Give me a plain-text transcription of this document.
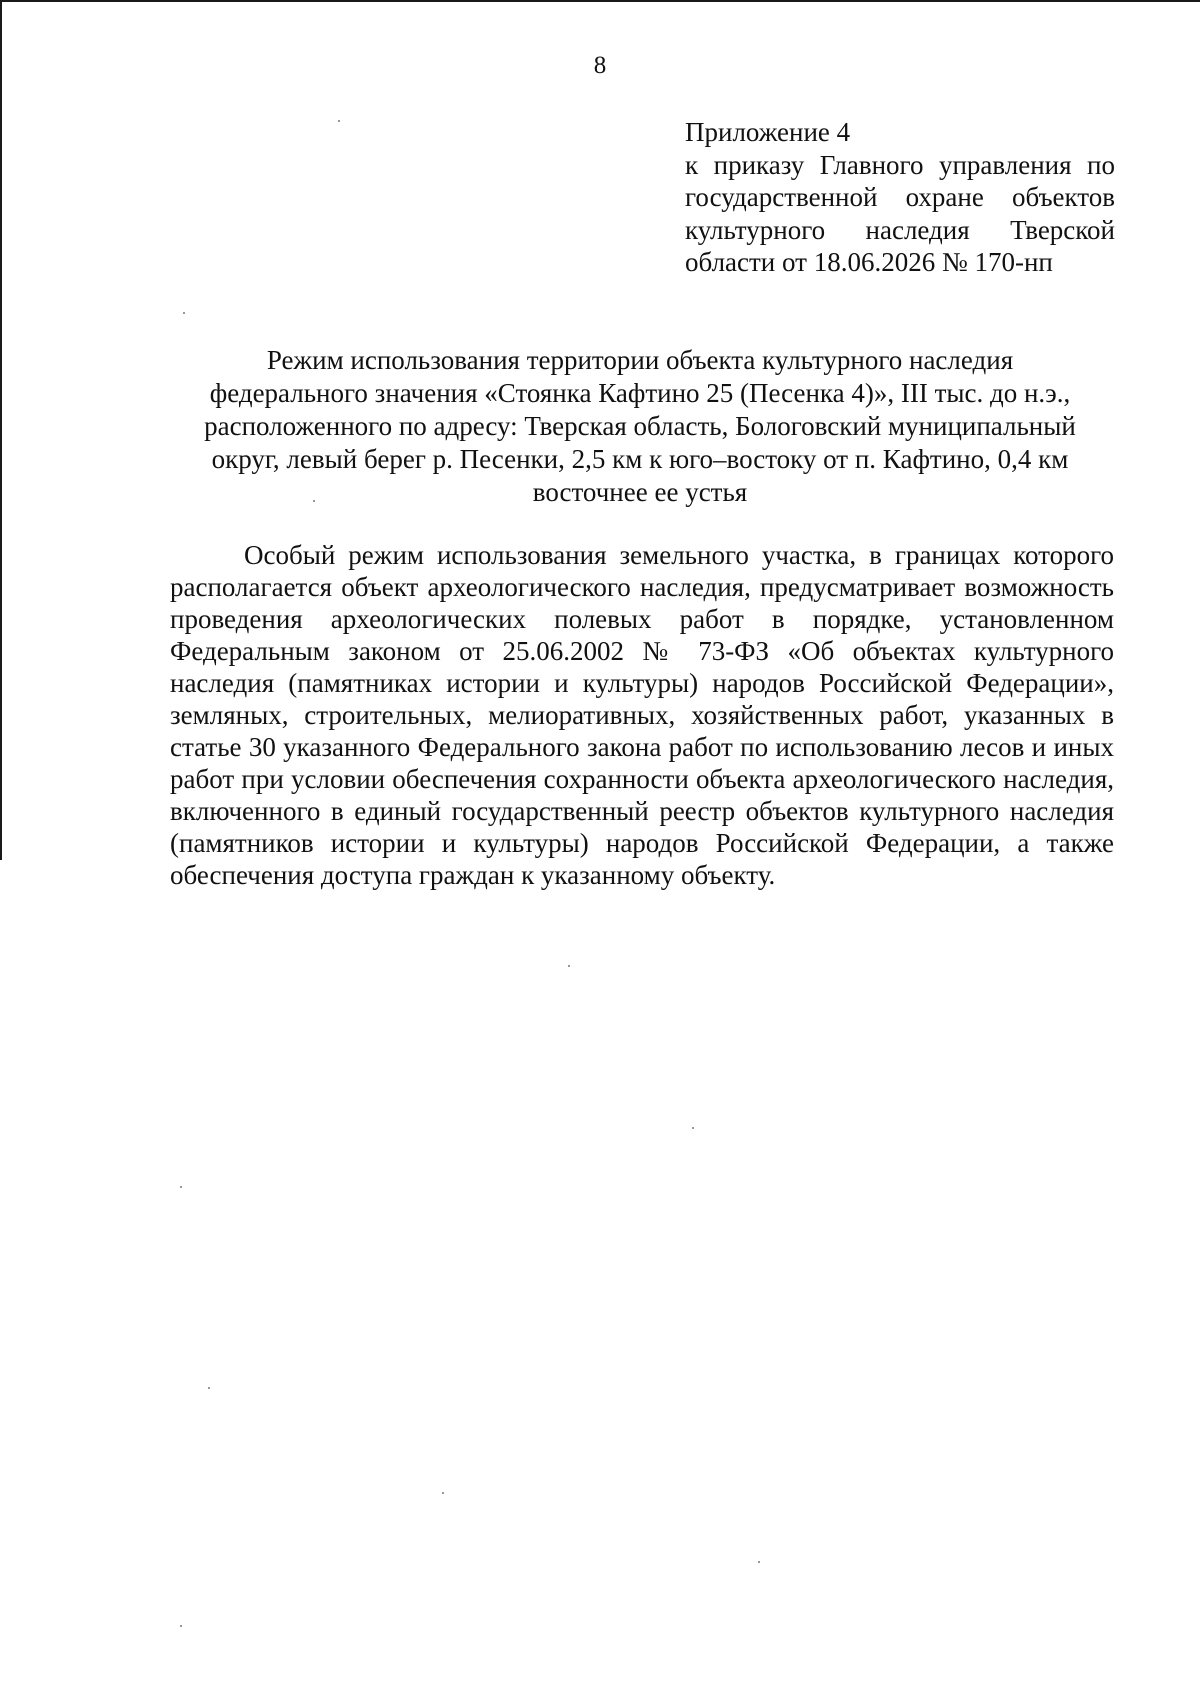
8
Приложение 4
к приказу Главного управления по государственной охране объектов культурного наследия Тверской области от 18.06.2026 № 170-нп
Режим использования территории объекта культурного наследия
федерального значения «Стоянка Кафтино 25 (Песенка 4)», III тыс. до н.э.,
расположенного по адресу: Тверская область, Бологовский муниципальный
округ, левый берег р. Песенки, 2,5 км к юго–востоку от п. Кафтино, 0,4 км
восточнее ее устья

Особый режим использования земельного участка, в границах которого располагается объект археологического наследия, предусматривает возможность проведения археологических полевых работ в порядке, установленном Федеральным законом от 25.06.2002 № 73-ФЗ «Об объектах культурного наследия (памятниках истории и культуры) народов Российской Федерации», земляных, строительных, мелиоративных, хозяйственных работ, указанных в статье 30 указанного Федерального закона работ по использованию лесов и иных работ при условии обеспечения сохранности объекта археологического наследия, включенного в единый государственный реестр объектов культурного наследия (памятников истории и культуры) народов Российской Федерации, а также обеспечения доступа граждан к указанному объекту.
